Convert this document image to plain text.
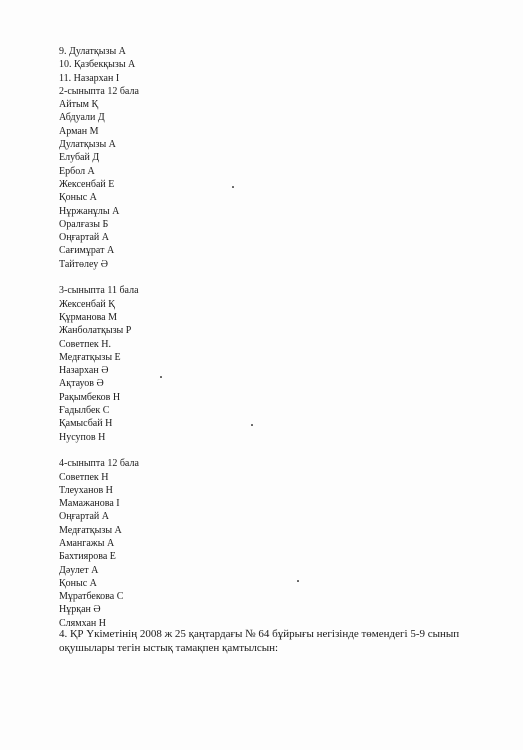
9. Дулатқызы А
10. Қазбекқызы А
11. Назархан І
2-сыныпта 12 бала
Айтым Қ
Абдуали Д
Арман М
Дулатқызы А
Елубай Д
Ербол А
Жексенбай Е
Қоныс А
Нұржанұлы А
Оралғазы Б
Оңғартай А
Сағимұрат А
Тайтөлеу Ә
3-сыныпта 11 бала
Жексенбай Қ
Құрманова М
Жанболатқызы Р
Советпек Н.
Медғатқызы Е
Назархан Ә
Ақтауов Ә
Рақымбеков Н
Ғадылбек С
Қамысбай Н
Нусупов Н
4-сыныпта 12 бала
Советпек Н
Тлеуханов Н
Мамажанова І
Оңғартай А
Медғатқызы А
Амангажы А
Бахтиярова Е
Дәулет А
Қоныс А
Мұратбекова С
Нұрқан Ә
Слямхан Н
4. ҚР Үкіметінің 2008 ж 25 қаңтардағы № 64 бұйрығы негізінде төмендегі 5-9 сынып
оқушылары тегін ыстық тамақпен қамтылсын:
